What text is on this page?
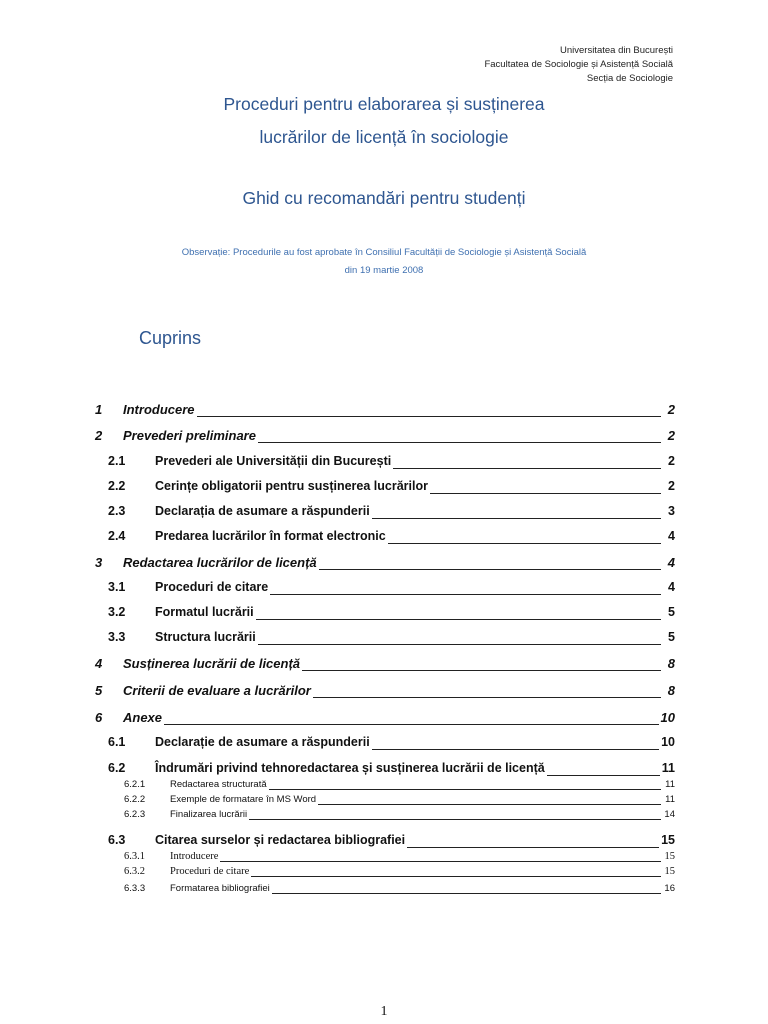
Universitatea din București
Facultatea de Sociologie și Asistență Socială
Secția de Sociologie
Proceduri pentru elaborarea și susținerea
lucrărilor de licență în sociologie
Ghid cu recomandări pentru studenți
Observație: Procedurile au fost aprobate în Consiliul Facultății de Sociologie și Asistență Socială
din 19 martie 2008
Cuprins
1	Introducere	2
2	Prevederi preliminare	2
2.1	Prevederi ale Universității din București	2
2.2	Cerințe obligatorii pentru susținerea lucrărilor	2
2.3	Declarația de asumare a răspunderii	3
2.4	Predarea lucrărilor în format electronic	4
3	Redactarea lucrărilor de licență	4
3.1	Proceduri de citare	4
3.2	Formatul lucrării	5
3.3	Structura lucrării	5
4	Susținerea lucrării de licență	8
5	Criterii de evaluare a lucrărilor	8
6	Anexe	10
6.1	Declarație de asumare a răspunderii	10
6.2	Îndrumări privind tehnoredactarea și susținerea lucrării de licență	11
6.2.1	Redactarea structurată	11
6.2.2	Exemple de formatare în MS Word	11
6.2.3	Finalizarea lucrării	14
6.3	Citarea surselor și redactarea bibliografiei	15
6.3.1	Introducere	15
6.3.2	Proceduri de citare	15
6.3.3	Formatarea bibliografiei	16
1
